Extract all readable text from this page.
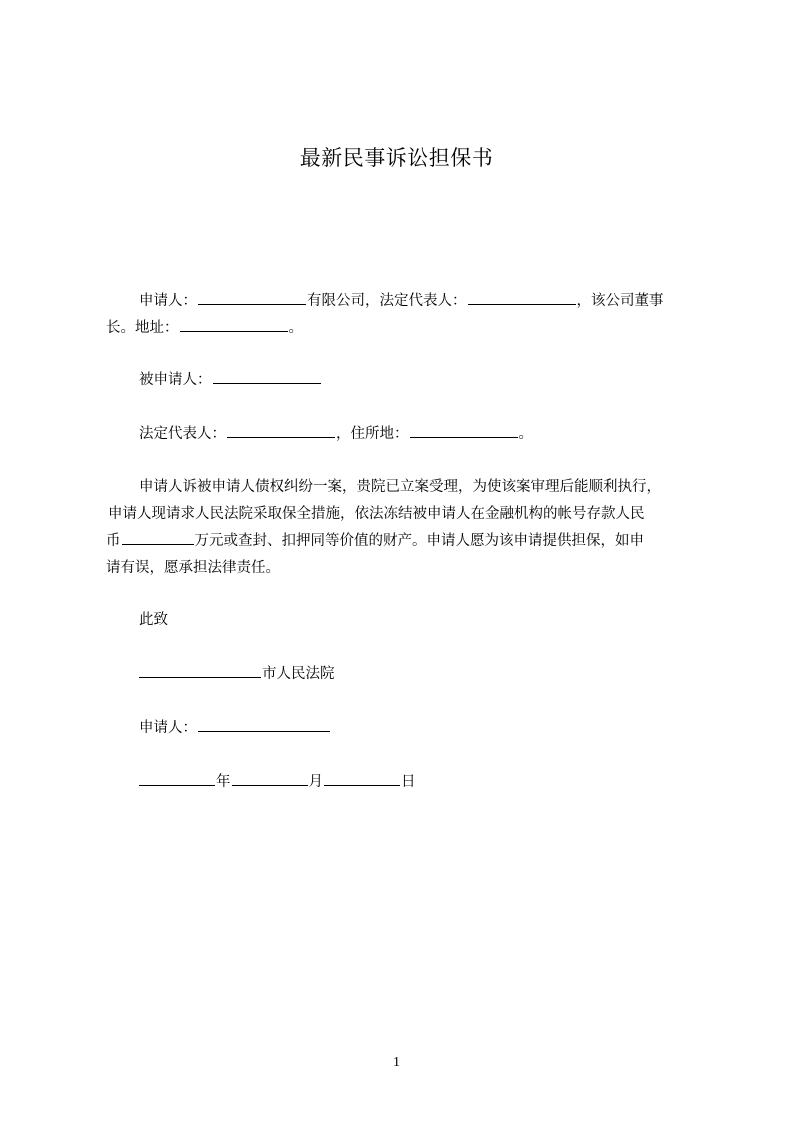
最新民事诉讼担保书
申请人：	有限公司，法定代表人：	，该公司董事
长。地址：	。
被申请人：
法定代表人：	，住所地：	。
申请人诉被申请人债权纠纷一案，贵院已立案受理，为使该案审理后能顺利执行，
申请人现请求人民法院采取保全措施，依法冻结被申请人在金融机构的帐号存款人民
币	万元或查封、扣押同等价值的财产。申请人愿为该申请提供担保，如申
请有误，愿承担法律责任。
此致
市人民法院
申请人：
年	月	日
1
